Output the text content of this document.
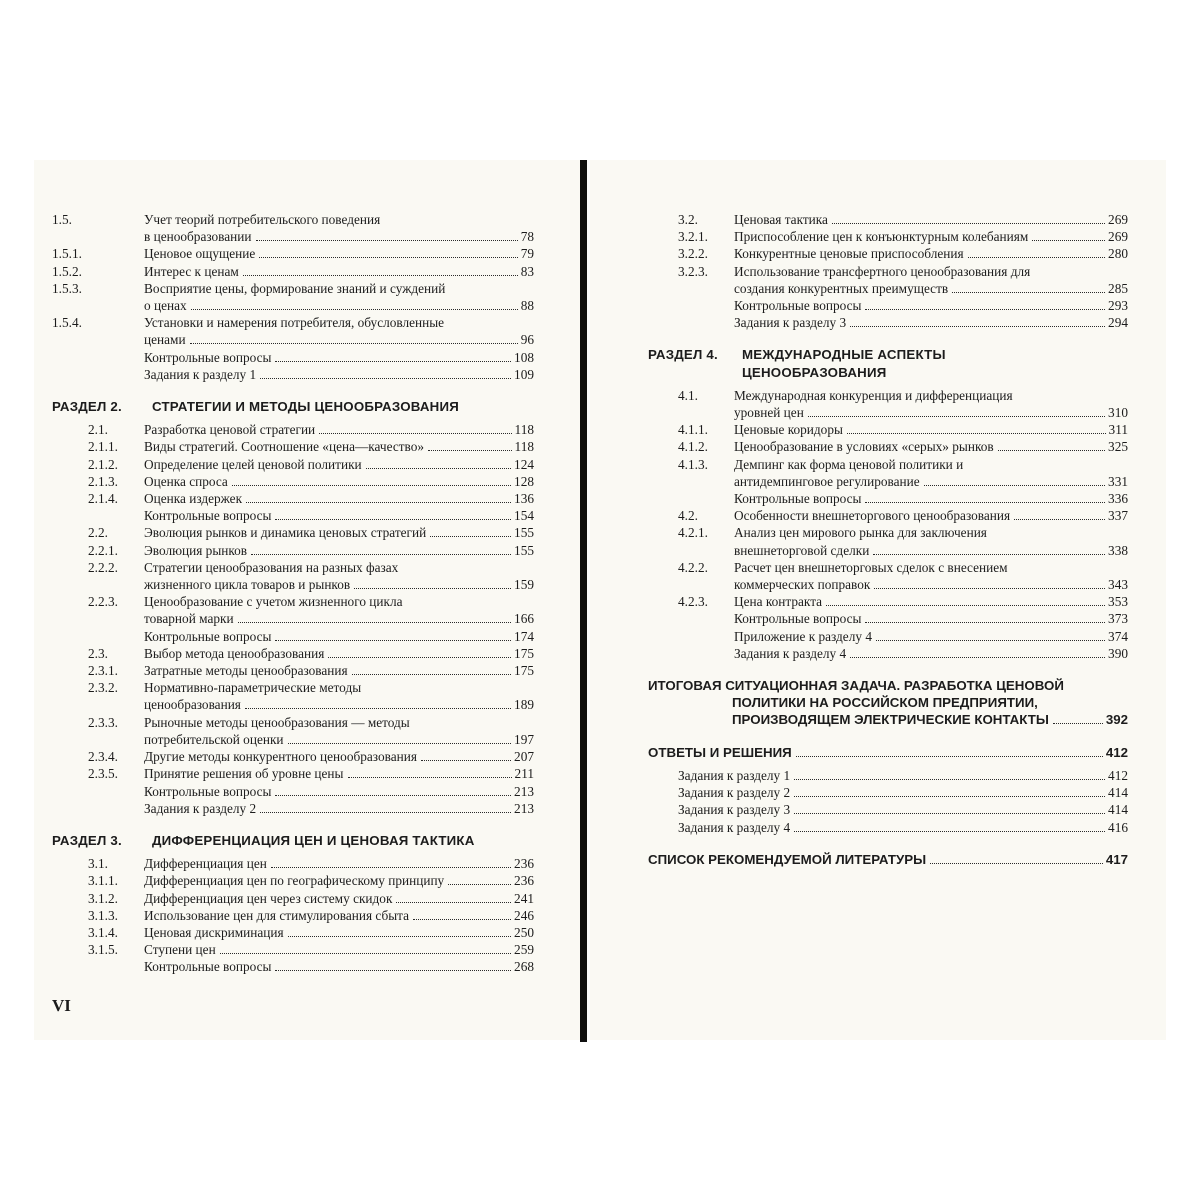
1.5.	Учет теорий потребительского поведения
в ценообразовании	78
1.5.1.	Ценовое ощущение	79
1.5.2.	Интерес к ценам	83
1.5.3.	Восприятие цены, формирование знаний и суждений
о ценах	88
1.5.4.	Установки и намерения потребителя, обусловленные
ценами	96
Контрольные вопросы	108
Задания к разделу 1	109
РАЗДЕЛ 2.	СТРАТЕГИИ И МЕТОДЫ ЦЕНООБРАЗОВАНИЯ
2.1.	Разработка ценовой стратегии	118
2.1.1.	Виды стратегий. Соотношение «цена—качество»	118
2.1.2.	Определение целей ценовой политики	124
2.1.3.	Оценка спроса	128
2.1.4.	Оценка издержек	136
Контрольные вопросы	154
2.2.	Эволюция рынков и динамика ценовых стратегий	155
2.2.1.	Эволюция рынков	155
2.2.2.	Стратегии ценообразования на разных фазах
жизненного цикла товаров и рынков	159
2.2.3.	Ценообразование с учетом жизненного цикла
товарной марки	166
Контрольные вопросы	174
2.3.	Выбор метода ценообразования	175
2.3.1.	Затратные методы ценообразования	175
2.3.2.	Нормативно-параметрические методы
ценообразования	189
2.3.3.	Рыночные методы ценообразования — методы
потребительской оценки	197
2.3.4.	Другие методы конкурентного ценообразования	207
2.3.5.	Принятие решения об уровне цены	211
Контрольные вопросы	213
Задания к разделу 2	213
РАЗДЕЛ 3.	ДИФФЕРЕНЦИАЦИЯ ЦЕН И ЦЕНОВАЯ ТАКТИКА
3.1.	Дифференциация цен	236
3.1.1.	Дифференциация цен по географическому принципу	236
3.1.2.	Дифференциация цен через систему скидок	241
3.1.3.	Использование цен для стимулирования сбыта	246
3.1.4.	Ценовая дискриминация	250
3.1.5.	Ступени цен	259
Контрольные вопросы	268
3.2.	Ценовая тактика	269
3.2.1.	Приспособление цен к конъюнктурным колебаниям	269
3.2.2.	Конкурентные ценовые приспособления	280
3.2.3.	Использование трансфертного ценообразования для
создания конкурентных преимуществ	285
Контрольные вопросы	293
Задания к разделу 3	294
РАЗДЕЛ 4.	МЕЖДУНАРОДНЫЕ АСПЕКТЫ
ЦЕНООБРАЗОВАНИЯ
4.1.	Международная конкуренция и дифференциация
уровней цен	310
4.1.1.	Ценовые коридоры	311
4.1.2.	Ценообразование в условиях «серых» рынков	325
4.1.3.	Демпинг как форма ценовой политики и
антидемпинговое регулирование	331
Контрольные вопросы	336
4.2.	Особенности внешнеторгового ценообразования	337
4.2.1.	Анализ цен мирового рынка для заключения
внешнеторговой сделки	338
4.2.2.	Расчет цен внешнеторговых сделок с внесением
коммерческих поправок	343
4.2.3.	Цена контракта	353
Контрольные вопросы	373
Приложение к разделу 4	374
Задания к разделу 4	390
ИТОГОВАЯ СИТУАЦИОННАЯ ЗАДАЧА. РАЗРАБОТКА ЦЕНОВОЙ
ПОЛИТИКИ НА РОССИЙСКОМ ПРЕДПРИЯТИИ,
ПРОИЗВОДЯЩЕМ ЭЛЕКТРИЧЕСКИЕ КОНТАКТЫ	392
ОТВЕТЫ И РЕШЕНИЯ	412
Задания к разделу 1	412
Задания к разделу 2	414
Задания к разделу 3	414
Задания к разделу 4	416
СПИСОК РЕКОМЕНДУЕМОЙ ЛИТЕРАТУРЫ	417
VI
